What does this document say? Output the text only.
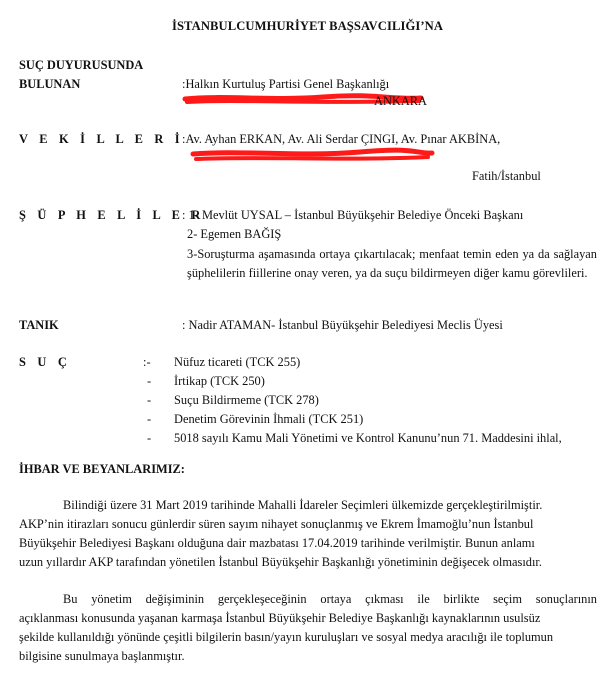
İSTANBULCUMHURİYET BAŞSAVCILIĞI’NA
SUÇ DUYURUSUNDA
BULUNAN	:Halkın Kurtuluş Partisi Genel Başkanlığı
ANKARA
V E K İ L L E R İ
:Av. Ayhan ERKAN, Av. Ali Serdar ÇINGI, Av. Pınar AKBİNA,
Fatih/İstanbul
Ş Ü P H E L İ L E R
: 1- Mevlüt UYSAL – İstanbul Büyükşehir Belediye Önceki Başkanı
2- Egemen BAĞIŞ
3-Soruşturma aşamasında ortaya çıkartılacak; menfaat temin eden ya da sağlayan şüphelilerin fiillerine onay veren, ya da suçu bildirmeyen diğer kamu görevlileri.
TANIK	: Nadir ATAMAN- İstanbul Büyükşehir Belediyesi Meclis Üyesi
S U Ç	:- Nüfuz ticareti (TCK 255)
- İrtikap (TCK 250)
- Suçu Bildirmeme (TCK 278)
- Denetim Görevinin İhmali (TCK 251)
- 5018 sayılı Kamu Mali Yönetimi ve Kontrol Kanunu’nun 71. Maddesini ihlal,
İHBAR VE BEYANLARIMIZ:
Bilindiği üzere 31 Mart 2019 tarihinde Mahalli İdareler Seçimleri ülkemizde gerçekleştirilmiştir.
AKP’nin itirazları sonucu günlerdir süren sayım nihayet sonuçlanmış ve Ekrem İmamoğlu’nun İstanbul
Büyükşehir Belediyesi Başkanı olduğuna dair mazbatası 17.04.2019 tarihinde verilmiştir. Bunun anlamı
uzun yıllardır AKP tarafından yönetilen İstanbul Büyükşehir Başkanlığı yönetiminin değişecek olmasıdır.
Bu yönetim değişiminin gerçekleşeceğinin ortaya çıkması ile birlikte seçim sonuçlarının
açıklanması konusunda yaşanan karmaşa İstanbul Büyükşehir Belediye Başkanlığı kaynaklarının usulsüz
şekilde kullanıldığı yönünde çeşitli bilgilerin basın/yayın kuruluşları ve sosyal medya aracılığı ile toplumun
bilgisine sunulmaya başlanmıştır.
